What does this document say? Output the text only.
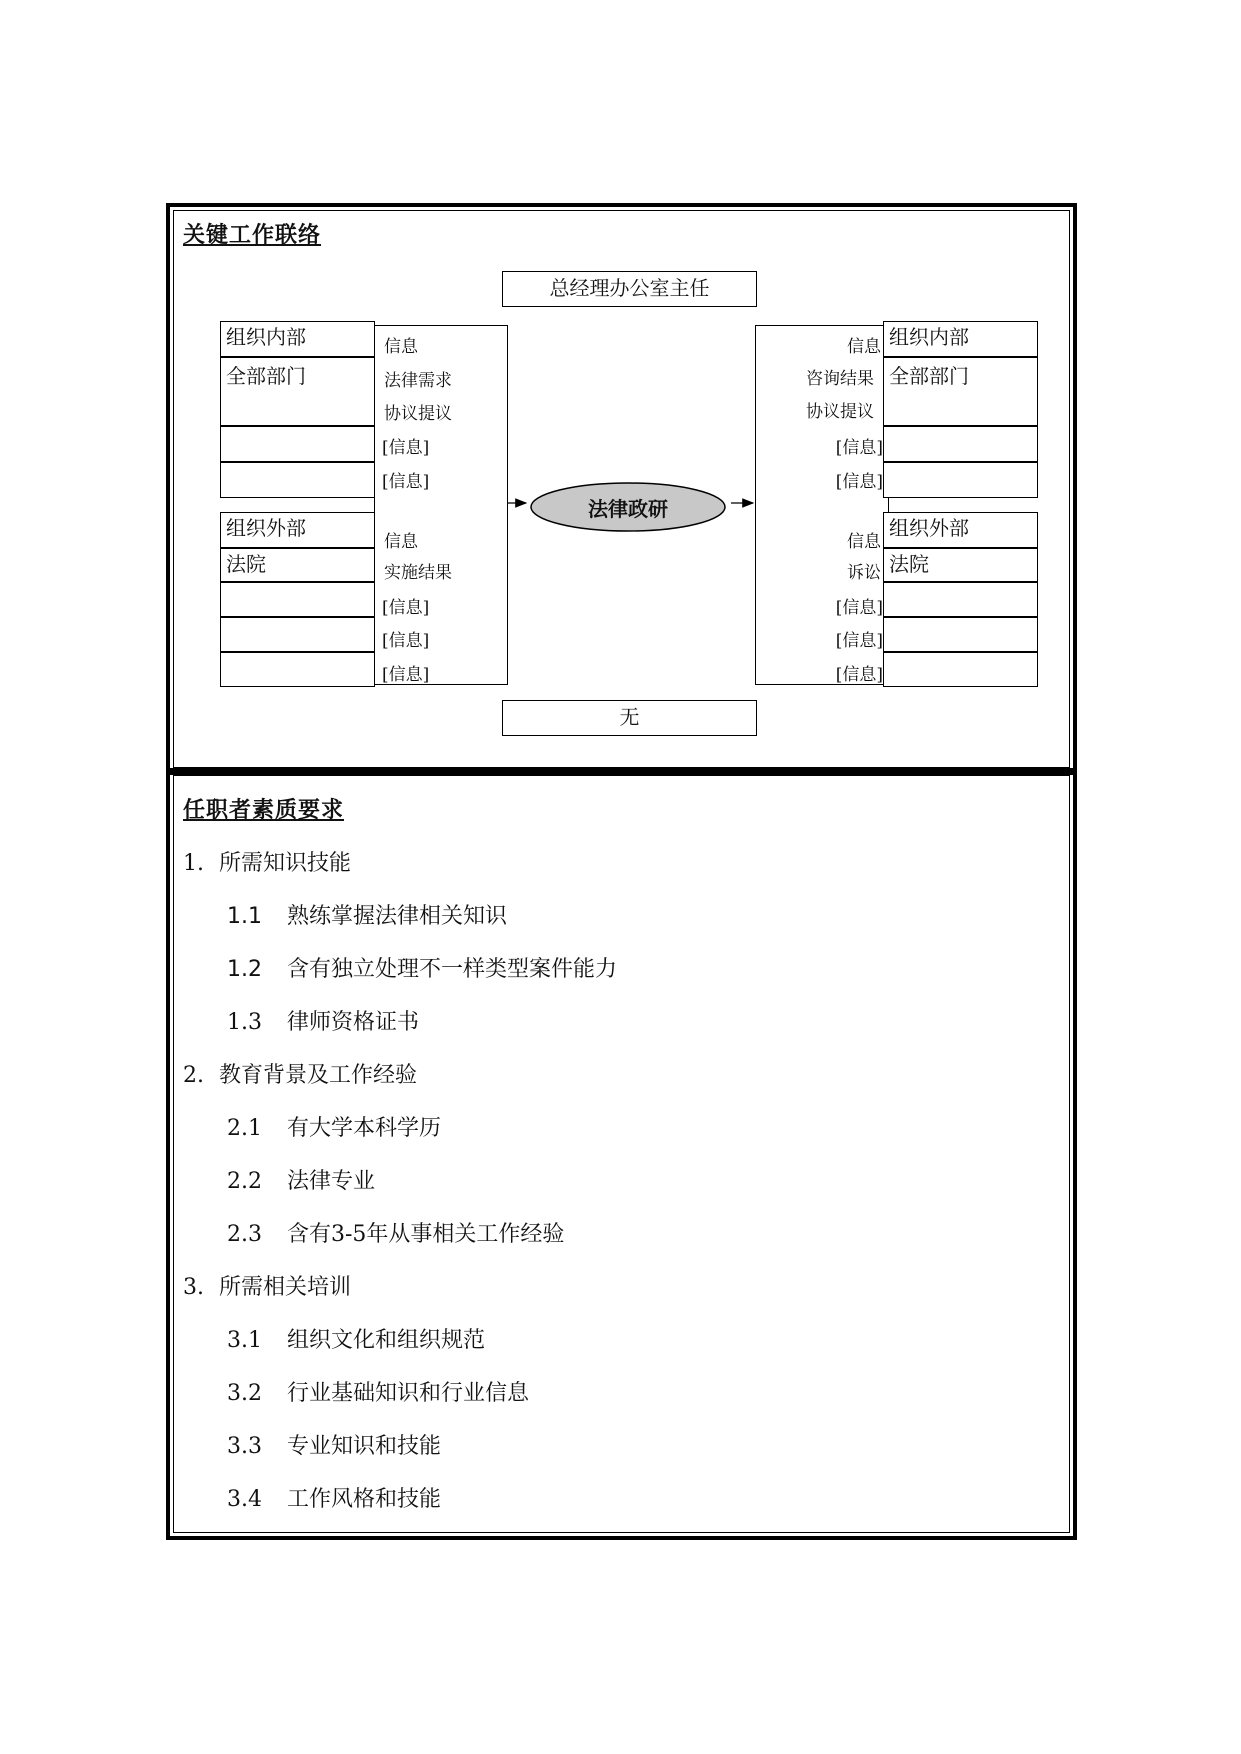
关键工作联络
总经理办公室主任
无
组织内部
全部部门
信息
法律需求
协议提议
[信息]
[信息]
组织外部
法院
信息
实施结果
[信息]
[信息]
[信息]
组织内部
全部部门
信息
咨询结果
协议提议
[信息]
[信息]
组织外部
法院
信息
诉讼
[信息]
[信息]
[信息]
法律政研
任职者素质要求
1. 所需知识技能
1.1 熟练掌握法律相关知识
1.2 含有独立处理不一样类型案件能力
1.3 律师资格证书
2. 教育背景及工作经验
2.1 有大学本科学历
2.2 法律专业
2.3 含有3-5年从事相关工作经验
3. 所需相关培训
3.1 组织文化和组织规范
3.2 行业基础知识和行业信息
3.3 专业知识和技能
3.4 工作风格和技能
